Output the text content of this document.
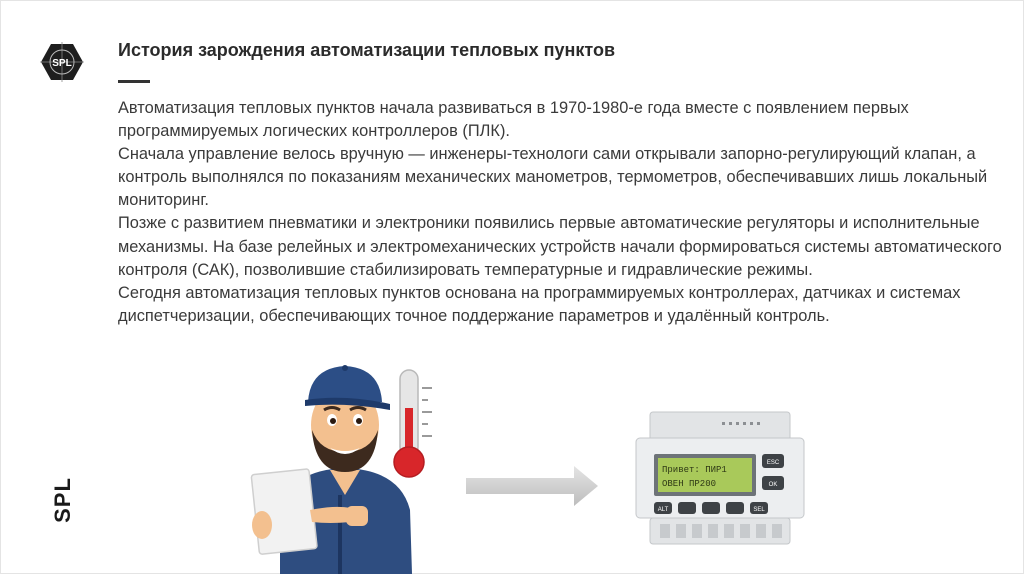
SPL
История зарождения автоматизации тепловых пунктов

Автоматизация тепловых пунктов начала развиваться в 1970-1980-е года вместе с появлением первых программируемых логических контроллеров (ПЛК).

Сначала управление велось вручную — инженеры-технологи сами открывали запорно-регулирующий клапан, а контроль выполнялся по показаниям механических манометров, термометров, обеспечивавших лишь локальный мониторинг.

Позже с развитием пневматики и электроники появились первые автоматические регуляторы и исполнительные механизмы. На базе релейных и электромеханических устройств начали формироваться системы автоматического контроля (САК), позволившие стабилизировать температурные и гидравлические режимы.

Сегодня автоматизация тепловых пунктов основана на программируемых контроллерах, датчиках и системах диспетчеризации, обеспечивающих точное поддержание параметров и удалённый контроль.

SPL
Привет: ПИР1
ОВЕН ПР200
ESC
OK
ALT	SEL
